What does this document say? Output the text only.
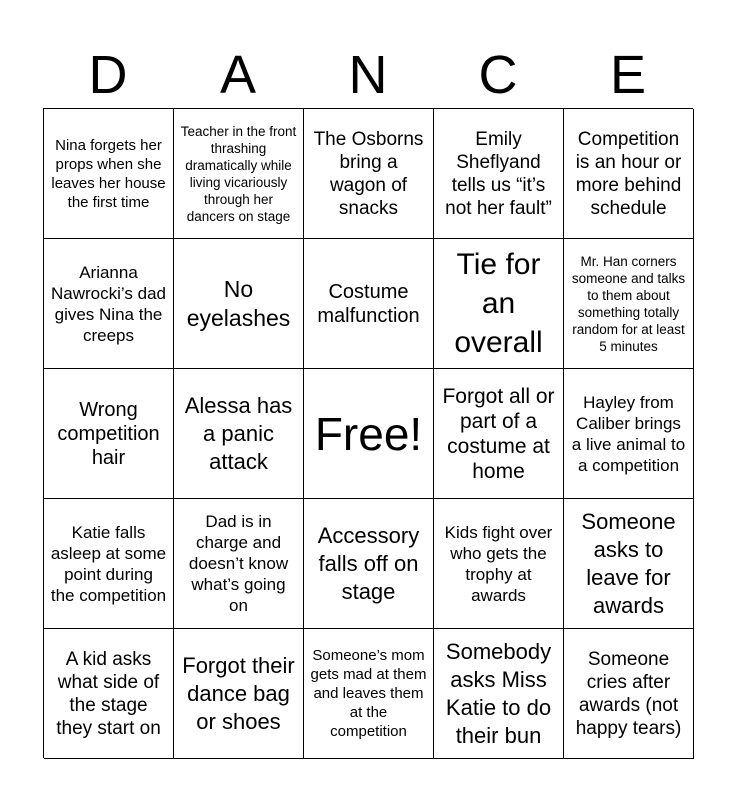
D	A	N	C	E
Nina forgets her props when she leaves her house the first time
Teacher in the front thrashing dramatically while living vicariously through her dancers on stage
The Osborns bring a wagon of snacks
Emily Sheflyand tells us “it’s not her fault”
Competition is an hour or more behind schedule
Arianna Nawrocki’s dad gives Nina the creeps
No eyelashes
Costume malfunction
Tie for an overall
Mr. Han corners someone and talks to them about something totally random for at least 5 minutes
Wrong competition hair
Alessa has a panic attack
Free!
Forgot all or part of a costume at home
Hayley from Caliber brings a live animal to a competition
Katie falls asleep at some point during the competition
Dad is in charge and doesn’t know what’s going on
Accessory falls off on stage
Kids fight over who gets the trophy at awards
Someone asks to leave for awards
A kid asks what side of the stage they start on
Forgot their dance bag or shoes
Someone’s mom gets mad at them and leaves them at the competition
Somebody asks Miss Katie to do their bun
Someone cries after awards (not happy tears)
